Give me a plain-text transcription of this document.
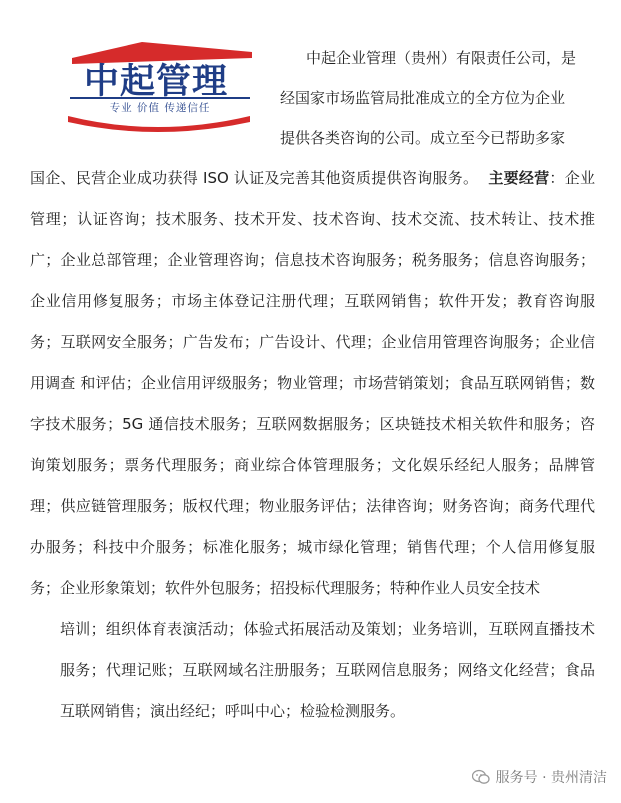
中起管理
专业 价值 传递信任
中起企业管理（贵州）有限责任公司，是
经国家市场监管局批准成立的全方位为企业
提供各类咨询的公司。成立至今已帮助多家

国企、民营企业成功获得 ISO 认证及完善其他资质提供咨询服务。 主要经营：企业管理；认证咨询；技术服务、技术开发、技术咨询、技术交流、技术转让、技术推广；企业总部管理；企业管理咨询；信息技术咨询服务；税务服务；信息咨询服务；企业信用修复服务；市场主体登记注册代理；互联网销售；软件开发；教育咨询服务；互联网安全服务；广告发布；广告设计、代理；企业信用管理咨询服务；企业信用调查 和评估；企业信用评级服务；物业管理；市场营销策划；食品互联网销售；数字技术服务；5G 通信技术服务；互联网数据服务；区块链技术相关软件和服务；咨询策划服务；票务代理服务；商业综合体管理服务；文化娱乐经纪人服务；品牌管理；供应链管理服务；版权代理；物业服务评估；法律咨询；财务咨询；商务代理代办服务；科技中介服务；标准化服务；城市绿化管理；销售代理；个人信用修复服务；企业形象策划；软件外包服务；招投标代理服务；特种作业人员安全技术

培训；组织体育表演活动；体验式拓展活动及策划；业务培训，互联网直播技术服务；代理记账；互联网域名注册服务；互联网信息服务；网络文化经营；食品互联网销售；演出经纪；呼叫中心；检验检测服务。

服务号 · 贵州清洁
